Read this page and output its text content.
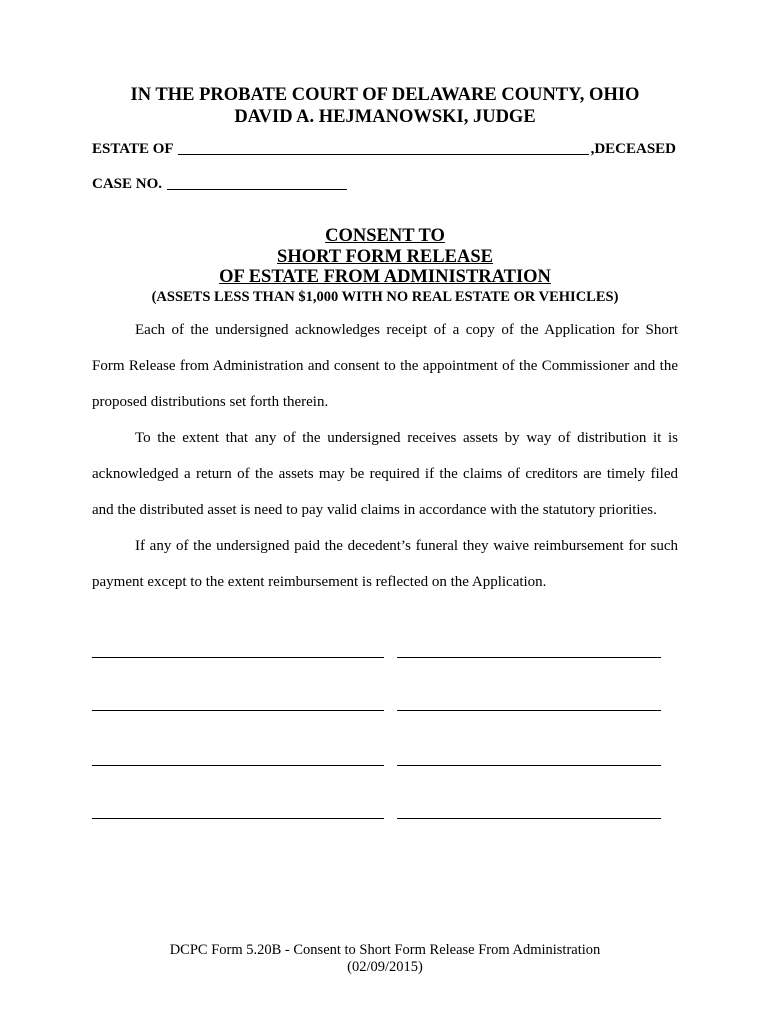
IN THE PROBATE COURT OF DELAWARE COUNTY, OHIO
DAVID A. HEJMANOWSKI, JUDGE
ESTATE OF	,DECEASED
CASE NO.
CONSENT TO
SHORT FORM RELEASE
OF ESTATE FROM ADMINISTRATION
(ASSETS LESS THAN $1,000 WITH NO REAL ESTATE OR VEHICLES)
Each of the undersigned acknowledges receipt of a copy of the Application for Short Form Release from Administration and consent to the appointment of the Commissioner and the proposed distributions set forth therein.
To the extent that any of the undersigned receives assets by way of distribution it is acknowledged a return of the assets may be required if the claims of creditors are timely filed and the distributed asset is need to pay valid claims in accordance with the statutory priorities.
If any of the undersigned paid the decedent’s funeral they waive reimbursement for such payment except to the extent reimbursement is reflected on the Application.
DCPC Form 5.20B - Consent to Short Form Release From Administration
(02/09/2015)
